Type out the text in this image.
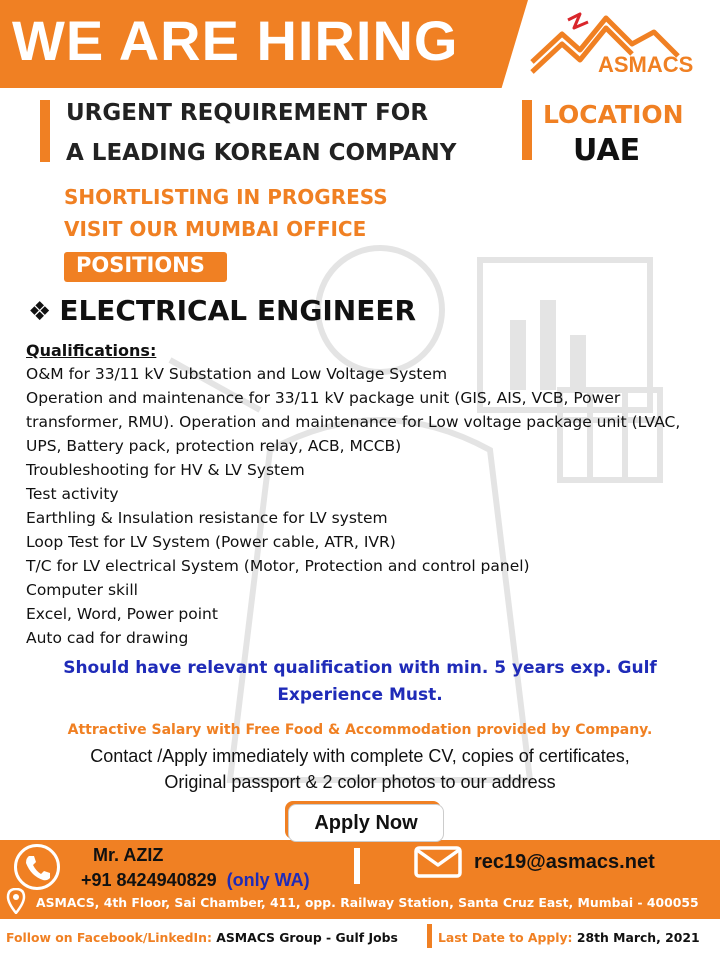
WE ARE HIRING	ASMACS
URGENT REQUIREMENT FOR
A LEADING KOREAN COMPANY
LOCATION
UAE
SHORTLISTING IN PROGRESS
VISIT OUR MUMBAI OFFICE
POSITIONS
❖ ELECTRICAL ENGINEER
Qualifications:
O&M for 33/11 kV Substation and Low Voltage System
Operation and maintenance for 33/11 kV package unit (GIS, AIS, VCB, Power transformer, RMU). Operation and maintenance for Low voltage package unit (LVAC, UPS, Battery pack, protection relay, ACB, MCCB)
Troubleshooting for HV & LV System
Test activity
Earthling & Insulation resistance for LV system
Loop Test for LV System (Power cable, ATR, IVR)
T/C for LV electrical System (Motor, Protection and control panel)
Computer skill
Excel, Word, Power point
Auto cad for drawing
Should have relevant qualification with min. 5 years exp. Gulf
Experience Must.
Attractive Salary with Free Food & Accommodation provided by Company.
Contact /Apply immediately with complete CV, copies of certificates,
Original passport & 2 color photos to our address
Apply Now
Mr. AZIZ
+91 8424940829 (only WA)
rec19@asmacs.net
ASMACS, 4th Floor, Sai Chamber, 411, opp. Railway Station, Santa Cruz East, Mumbai - 400055
Follow on Facebook/LinkedIn: ASMACS Group - Gulf Jobs	Last Date to Apply: 28th March, 2021
